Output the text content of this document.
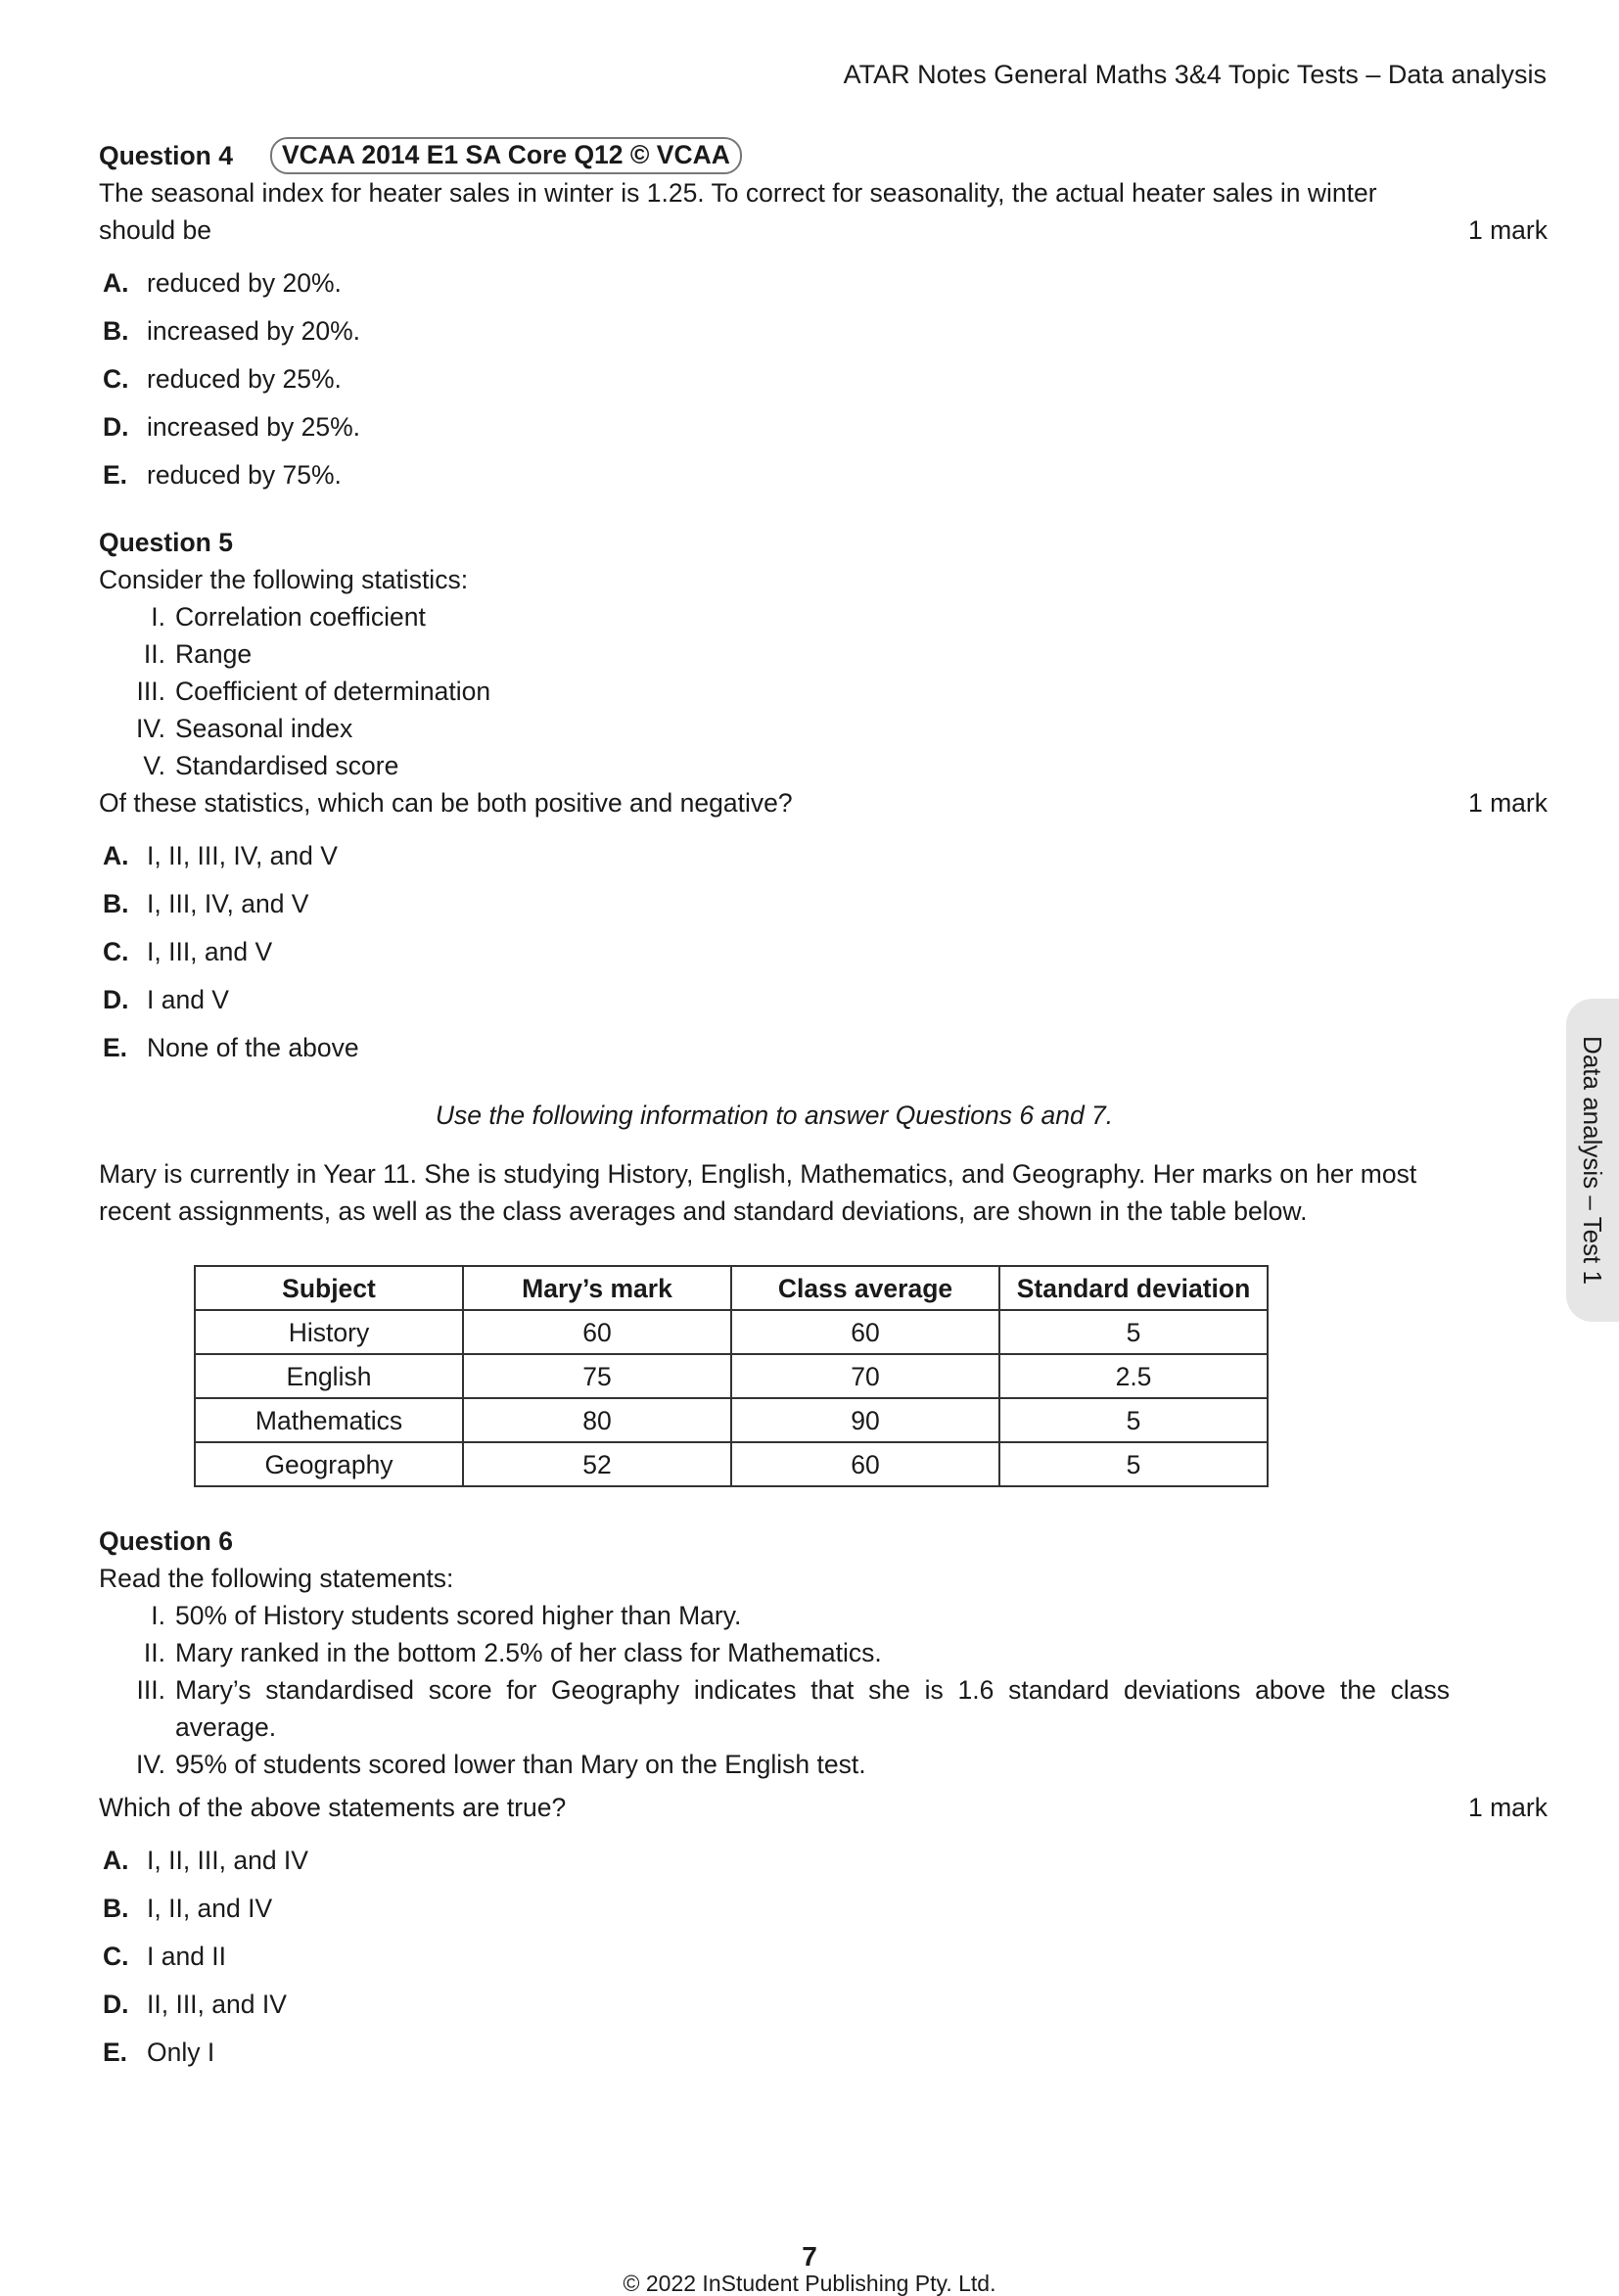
ATAR Notes General Maths 3&4 Topic Tests – Data analysis
Question 4	VCAA 2014 E1 SA Core Q12 © VCAA
The seasonal index for heater sales in winter is 1.25. To correct for seasonality, the actual heater sales in winter
should be	1 mark
A. reduced by 20%.
B. increased by 20%.
C. reduced by 25%.
D. increased by 25%.
E. reduced by 75%.
Question 5
Consider the following statistics:
I. Correlation coefficient
II. Range
III. Coefficient of determination
IV. Seasonal index
V. Standardised score
Of these statistics, which can be both positive and negative?	1 mark
A. I, II, III, IV, and V
B. I, III, IV, and V
C. I, III, and V
D. I and V
E. None of the above
Use the following information to answer Questions 6 and 7.
Mary is currently in Year 11. She is studying History, English, Mathematics, and Geography. Her marks on her most recent assignments, as well as the class averages and standard deviations, are shown in the table below.
Subject	Mary’s mark	Class average	Standard deviation
History	60	60	5
English	75	70	2.5
Mathematics	80	90	5
Geography	52	60	5
Question 6
Read the following statements:
I. 50% of History students scored higher than Mary.
II. Mary ranked in the bottom 2.5% of her class for Mathematics.
III. Mary’s standardised score for Geography indicates that she is 1.6 standard deviations above the class average.
IV. 95% of students scored lower than Mary on the English test.
Which of the above statements are true?	1 mark
A. I, II, III, and IV
B. I, II, and IV
C. I and II
D. II, III, and IV
E. Only I
Data analysis – Test 1
7
© 2022 InStudent Publishing Pty. Ltd.
